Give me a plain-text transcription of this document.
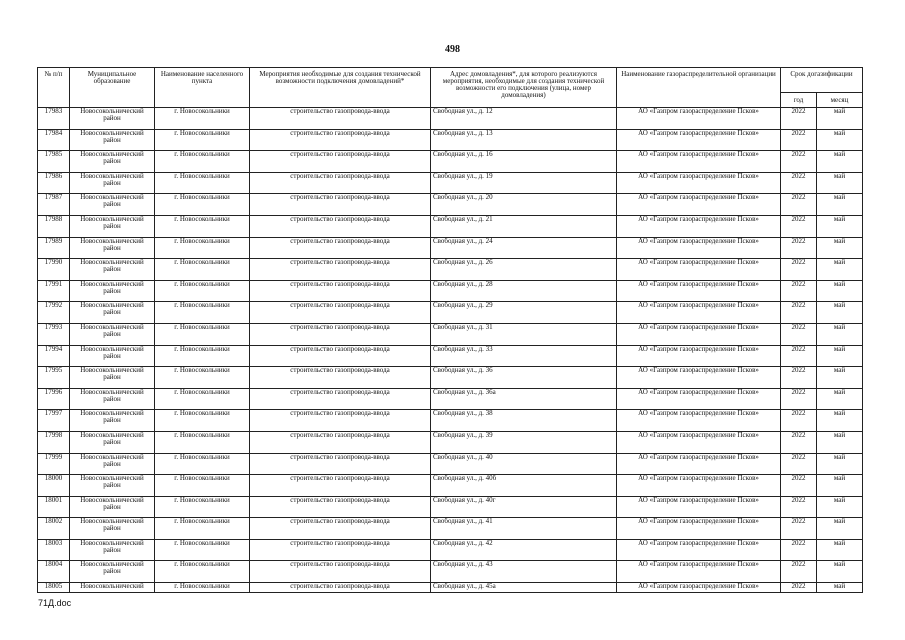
498
№ п/п	Муниципальное образование	Наименование населенного пункта	Мероприятия необходимые для создания технической возможности подключения домовладений*	Адрес домовладения*, для которого реализуются мероприятия, необходимые для создания технической возможности его подключения (улица, номер домовладения)	Наименование газораспределительной организации	Срок догазификации	
						год	месяц
17983	Новосокольнический район	г. Новосокольники	строительство газопровода-ввода	Свободная ул., д. 12	АО «Газпром газораспределение Псков»	2022	май
17984	Новосокольнический район	г. Новосокольники	строительство газопровода-ввода	Свободная ул., д. 13	АО «Газпром газораспределение Псков»	2022	май
17985	Новосокольнический район	г. Новосокольники	строительство газопровода-ввода	Свободная ул., д. 16	АО «Газпром газораспределение Псков»	2022	май
17986	Новосокольнический район	г. Новосокольники	строительство газопровода-ввода	Свободная ул., д. 19	АО «Газпром газораспределение Псков»	2022	май
17987	Новосокольнический район	г. Новосокольники	строительство газопровода-ввода	Свободная ул., д. 20	АО «Газпром газораспределение Псков»	2022	май
17988	Новосокольнический район	г. Новосокольники	строительство газопровода-ввода	Свободная ул., д. 21	АО «Газпром газораспределение Псков»	2022	май
17989	Новосокольнический район	г. Новосокольники	строительство газопровода-ввода	Свободная ул., д. 24	АО «Газпром газораспределение Псков»	2022	май
17990	Новосокольнический район	г. Новосокольники	строительство газопровода-ввода	Свободная ул., д. 26	АО «Газпром газораспределение Псков»	2022	май
17991	Новосокольнический район	г. Новосокольники	строительство газопровода-ввода	Свободная ул., д. 28	АО «Газпром газораспределение Псков»	2022	май
17992	Новосокольнический район	г. Новосокольники	строительство газопровода-ввода	Свободная ул., д. 29	АО «Газпром газораспределение Псков»	2022	май
17993	Новосокольнический район	г. Новосокольники	строительство газопровода-ввода	Свободная ул., д. 31	АО «Газпром газораспределение Псков»	2022	май
17994	Новосокольнический район	г. Новосокольники	строительство газопровода-ввода	Свободная ул., д. 33	АО «Газпром газораспределение Псков»	2022	май
17995	Новосокольнический район	г. Новосокольники	строительство газопровода-ввода	Свободная ул., д. 36	АО «Газпром газораспределение Псков»	2022	май
17996	Новосокольнический район	г. Новосокольники	строительство газопровода-ввода	Свободная ул., д. 36а	АО «Газпром газораспределение Псков»	2022	май
17997	Новосокольнический район	г. Новосокольники	строительство газопровода-ввода	Свободная ул., д. 38	АО «Газпром газораспределение Псков»	2022	май
17998	Новосокольнический район	г. Новосокольники	строительство газопровода-ввода	Свободная ул., д. 39	АО «Газпром газораспределение Псков»	2022	май
17999	Новосокольнический район	г. Новосокольники	строительство газопровода-ввода	Свободная ул., д. 40	АО «Газпром газораспределение Псков»	2022	май
18000	Новосокольнический район	г. Новосокольники	строительство газопровода-ввода	Свободная ул., д. 40б	АО «Газпром газораспределение Псков»	2022	май
18001	Новосокольнический район	г. Новосокольники	строительство газопровода-ввода	Свободная ул., д. 40г	АО «Газпром газораспределение Псков»	2022	май
18002	Новосокольнический район	г. Новосокольники	строительство газопровода-ввода	Свободная ул., д. 41	АО «Газпром газораспределение Псков»	2022	май
18003	Новосокольнический район	г. Новосокольники	строительство газопровода-ввода	Свободная ул., д. 42	АО «Газпром газораспределение Псков»	2022	май
18004	Новосокольнический район	г. Новосокольники	строительство газопровода-ввода	Свободная ул., д. 43	АО «Газпром газораспределение Псков»	2022	май
18005	Новосокольнический	г. Новосокольники	строительство газопровода-ввода	Свободная ул., д. 45а	АО «Газпром газораспределение Псков»	2022	май
71Д.doc
